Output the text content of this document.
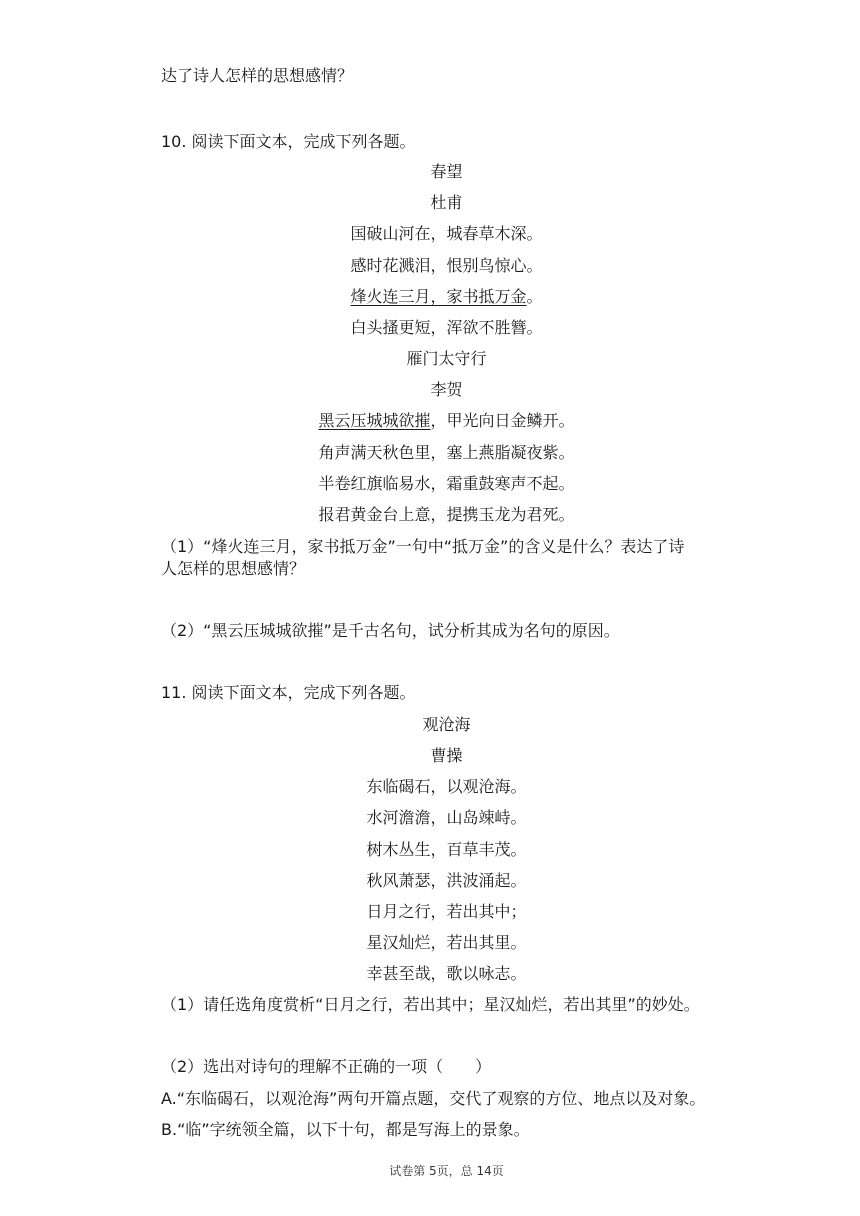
达了诗人怎样的思想感情？
10. 阅读下面文本，完成下列各题。
春望
杜甫
国破山河在，城春草木深。
感时花溅泪，恨别鸟惊心。
烽火连三月，家书抵万金。
白头搔更短，浑欲不胜簪。
雁门太守行
李贺
黑云压城城欲摧，甲光向日金鳞开。
角声满天秋色里，塞上燕脂凝夜紫。
半卷红旗临易水，霜重鼓寒声不起。
报君黄金台上意，提携玉龙为君死。
（1）“烽火连三月，家书抵万金”一句中“抵万金”的含义是什么？表达了诗
人怎样的思想感情？
（2）“黑云压城城欲摧”是千古名句，试分析其成为名句的原因。
11. 阅读下面文本，完成下列各题。
观沧海
曹操
东临碣石，以观沧海。
水河澹澹，山岛竦峙。
树木丛生，百草丰茂。
秋风萧瑟，洪波涌起。
日月之行，若出其中；
星汉灿烂，若出其里。
幸甚至哉，歌以咏志。
（1）请任选角度赏析“日月之行，若出其中；星汉灿烂，若出其里”的妙处。
（2）选出对诗句的理解不正确的一项（　　）
A.“东临碣石，以观沧海”两句开篇点题，交代了观察的方位、地点以及对象。
B.“临”字统领全篇，以下十句，都是写海上的景象。
试卷第 5页，总 14页
